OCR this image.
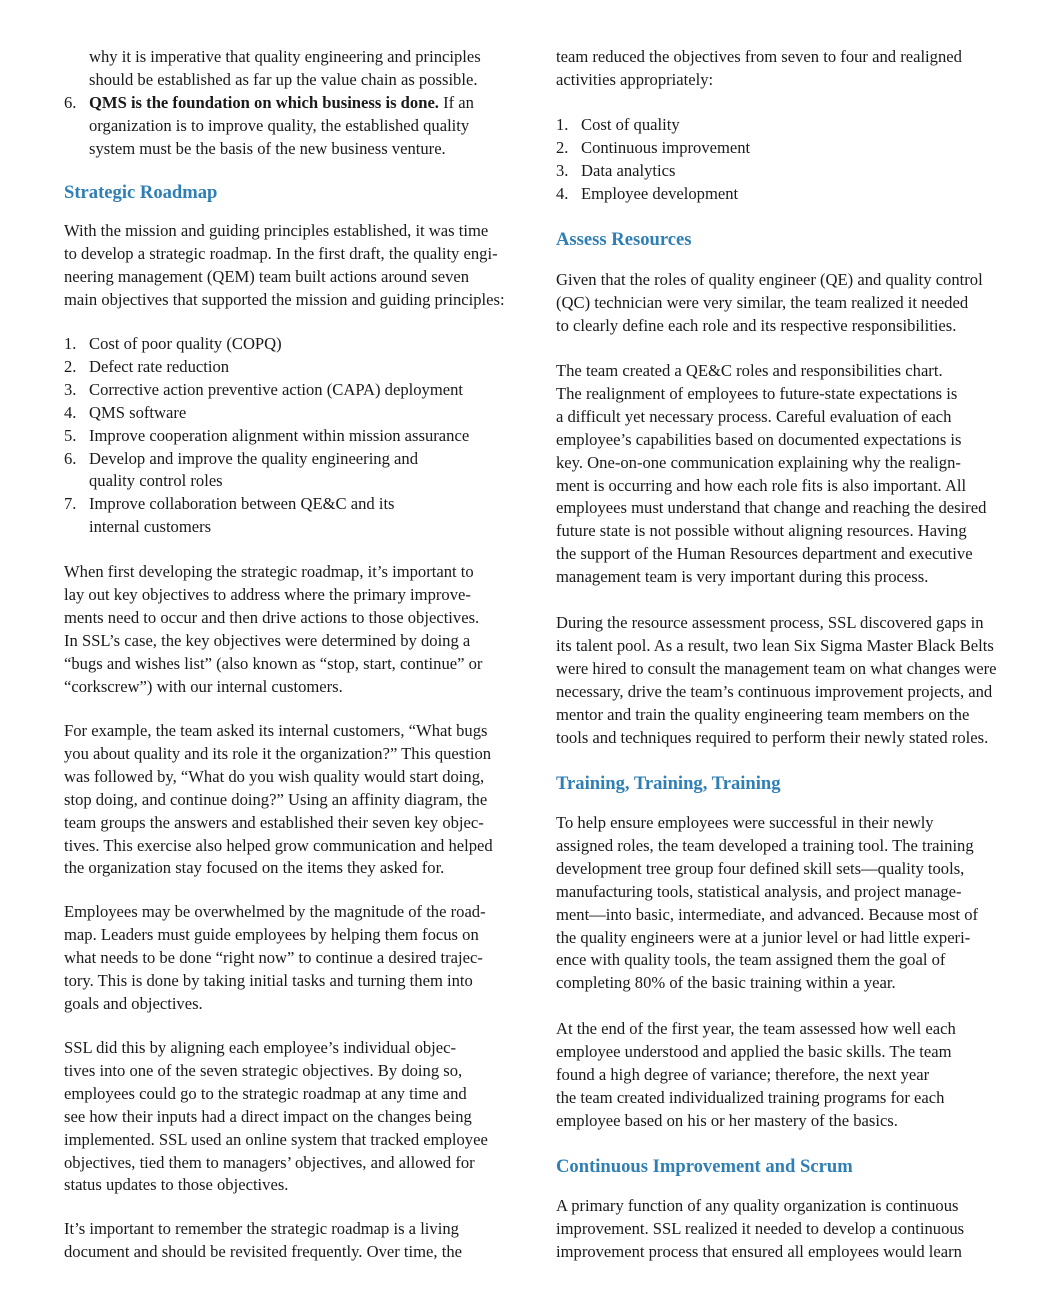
why it is imperative that quality engineering and principles
should be established as far up the value chain as possible.
6. QMS is the foundation on which business is done. If an
organization is to improve quality, the established quality
system must be the basis of the new business venture.
Strategic Roadmap
With the mission and guiding principles established, it was time
to develop a strategic roadmap. In the first draft, the quality engi-
neering management (QEM) team built actions around seven
main objectives that supported the mission and guiding principles:
1. Cost of poor quality (COPQ)
2. Defect rate reduction
3. Corrective action preventive action (CAPA) deployment
4. QMS software
5. Improve cooperation alignment within mission assurance
6. Develop and improve the quality engineering and
quality control roles
7. Improve collaboration between QE&C and its
internal customers
When first developing the strategic roadmap, it’s important to
lay out key objectives to address where the primary improve-
ments need to occur and then drive actions to those objectives.
In SSL’s case, the key objectives were determined by doing a
“bugs and wishes list” (also known as “stop, start, continue” or
“corkscrew”) with our internal customers.
For example, the team asked its internal customers, “What bugs
you about quality and its role it the organization?” This question
was followed by, “What do you wish quality would start doing,
stop doing, and continue doing?” Using an affinity diagram, the
team groups the answers and established their seven key objec-
tives. This exercise also helped grow communication and helped
the organization stay focused on the items they asked for.
Employees may be overwhelmed by the magnitude of the road-
map. Leaders must guide employees by helping them focus on
what needs to be done “right now” to continue a desired trajec-
tory. This is done by taking initial tasks and turning them into
goals and objectives.
SSL did this by aligning each employee’s individual objec-
tives into one of the seven strategic objectives. By doing so,
employees could go to the strategic roadmap at any time and
see how their inputs had a direct impact on the changes being
implemented. SSL used an online system that tracked employee
objectives, tied them to managers’ objectives, and allowed for
status updates to those objectives.
It’s important to remember the strategic roadmap is a living
document and should be revisited frequently. Over time, the
team reduced the objectives from seven to four and realigned
activities appropriately:
1. Cost of quality
2. Continuous improvement
3. Data analytics
4. Employee development
Assess Resources
Given that the roles of quality engineer (QE) and quality control
(QC) technician were very similar, the team realized it needed
to clearly define each role and its respective responsibilities.
The team created a QE&C roles and responsibilities chart.
The realignment of employees to future-state expectations is
a difficult yet necessary process. Careful evaluation of each
employee’s capabilities based on documented expectations is
key. One-on-one communication explaining why the realign-
ment is occurring and how each role fits is also important. All
employees must understand that change and reaching the desired
future state is not possible without aligning resources. Having
the support of the Human Resources department and executive
management team is very important during this process.
During the resource assessment process, SSL discovered gaps in
its talent pool. As a result, two lean Six Sigma Master Black Belts
were hired to consult the management team on what changes were
necessary, drive the team’s continuous improvement projects, and
mentor and train the quality engineering team members on the
tools and techniques required to perform their newly stated roles.
Training, Training, Training
To help ensure employees were successful in their newly
assigned roles, the team developed a training tool. The training
development tree group four defined skill sets—quality tools,
manufacturing tools, statistical analysis, and project manage-
ment—into basic, intermediate, and advanced. Because most of
the quality engineers were at a junior level or had little experi-
ence with quality tools, the team assigned them the goal of
completing 80% of the basic training within a year.
At the end of the first year, the team assessed how well each
employee understood and applied the basic skills. The team
found a high degree of variance; therefore, the next year
the team created individualized training programs for each
employee based on his or her mastery of the basics.
Continuous Improvement and Scrum
A primary function of any quality organization is continuous
improvement. SSL realized it needed to develop a continuous
improvement process that ensured all employees would learn
